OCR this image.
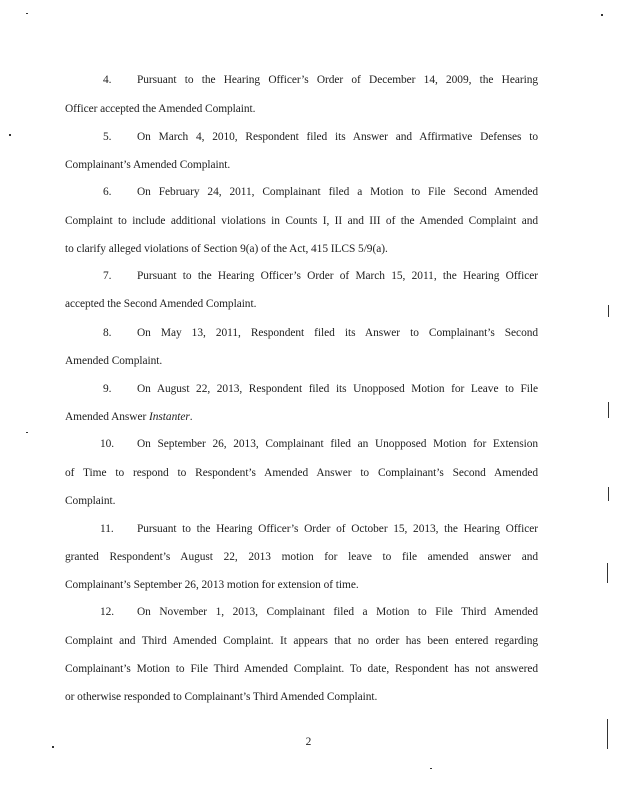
4. Pursuant to the Hearing Officer’s Order of December 14, 2009, the Hearing
Officer accepted the Amended Complaint.
5. On March 4, 2010, Respondent filed its Answer and Affirmative Defenses to
Complainant’s Amended Complaint.
6. On February 24, 2011, Complainant filed a Motion to File Second Amended
Complaint to include additional violations in Counts I, II and III of the Amended Complaint and
to clarify alleged violations of Section 9(a) of the Act, 415 ILCS 5/9(a).
7. Pursuant to the Hearing Officer’s Order of March 15, 2011, the Hearing Officer
accepted the Second Amended Complaint.
8. On May 13, 2011, Respondent filed its Answer to Complainant’s Second
Amended Complaint.
9. On August 22, 2013, Respondent filed its Unopposed Motion for Leave to File
Amended Answer Instanter.
10. On September 26, 2013, Complainant filed an Unopposed Motion for Extension
of Time to respond to Respondent’s Amended Answer to Complainant’s Second Amended
Complaint.
11. Pursuant to the Hearing Officer’s Order of October 15, 2013, the Hearing Officer
granted Respondent’s August 22, 2013 motion for leave to file amended answer and
Complainant’s September 26, 2013 motion for extension of time.
12. On November 1, 2013, Complainant filed a Motion to File Third Amended
Complaint and Third Amended Complaint. It appears that no order has been entered regarding
Complainant’s Motion to File Third Amended Complaint. To date, Respondent has not answered
or otherwise responded to Complainant’s Third Amended Complaint.
2
